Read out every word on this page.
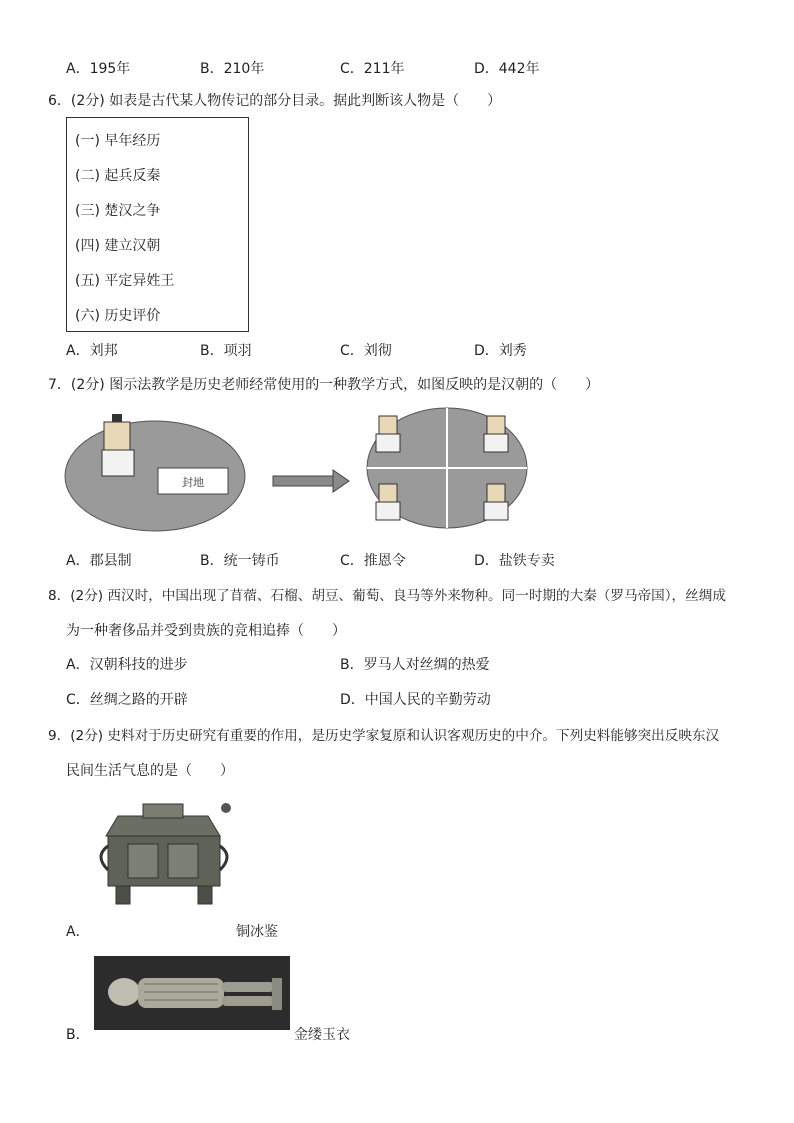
A．195年	B．210年	C．211年	D．442年
6．(2分) 如表是古代某人物传记的部分目录。据此判断该人物是（　　）
(一) 早年经历
(二) 起兵反秦
(三) 楚汉之争
(四) 建立汉朝
(五) 平定异姓王
(六) 历史评价
A．刘邦	B．项羽	C．刘彻	D．刘秀
7．(2分) 图示法教学是历史老师经常使用的一种教学方式，如图反映的是汉朝的（　　）
封地
A．郡县制	B．统一铸币	C．推恩令	D．盐铁专卖
8．(2分) 西汉时，中国出现了苜蓿、石榴、胡豆、葡萄、良马等外来物种。同一时期的大秦（罗马帝国），丝绸成
为一种奢侈品并受到贵族的竞相追捧（　　）
A．汉朝科技的进步	B．罗马人对丝绸的热爱
C．丝绸之路的开辟	D．中国人民的辛勤劳动
9．(2分) 史料对于历史研究有重要的作用，是历史学家复原和认识客观历史的中介。下列史料能够突出反映东汉
民间生活气息的是（　　）
A．	铜冰鉴
B．	金缕玉衣
